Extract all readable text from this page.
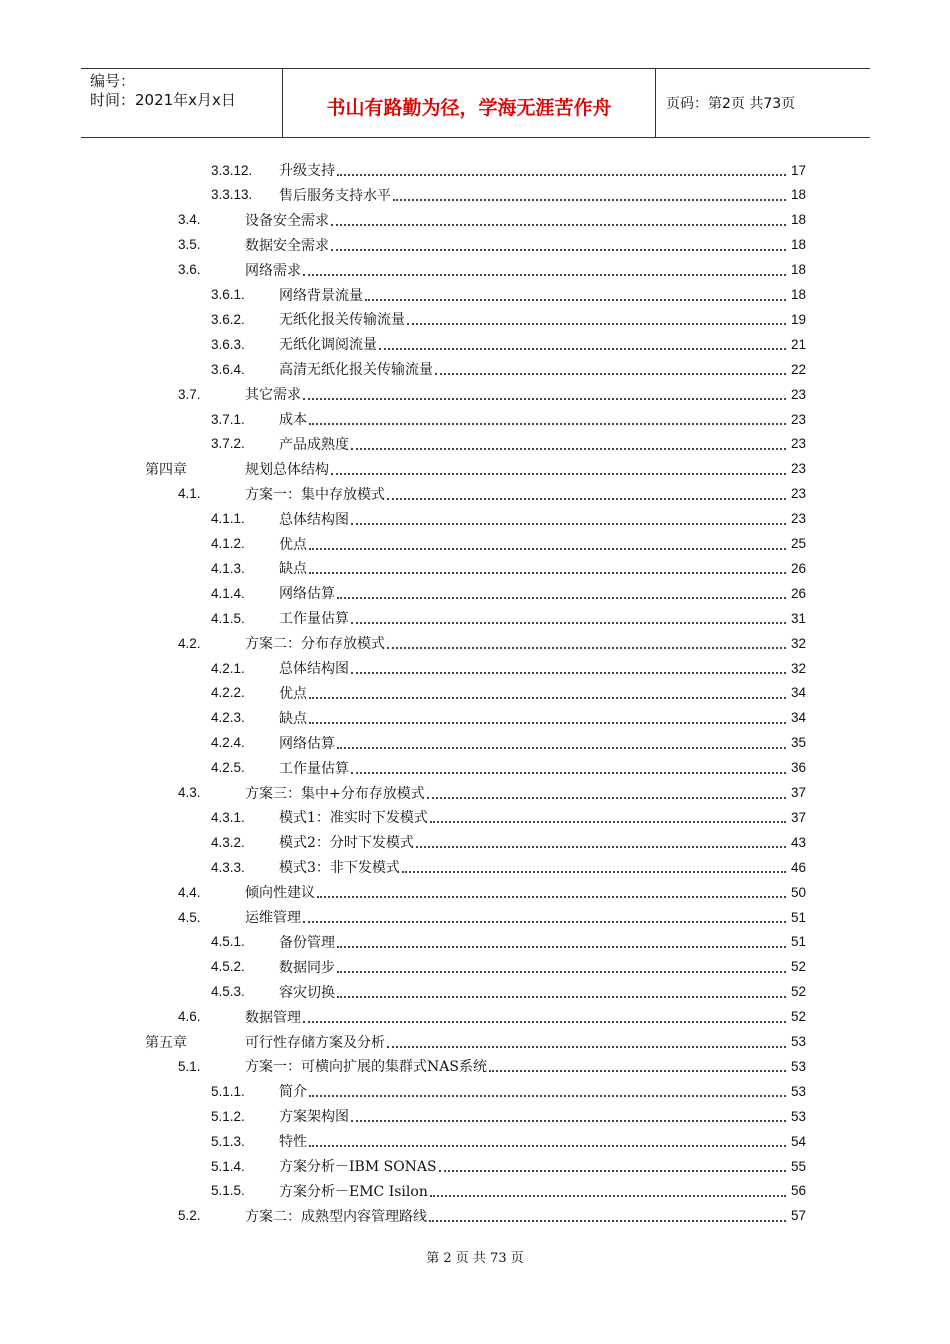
编号：
时间：2021年x月x日	书山有路勤为径，学海无涯苦作舟	页码：第2页 共73页
3.3.12. 升级支持	17
3.3.13. 售后服务支持水平	18
3.4.	设备安全需求	18
3.5.	数据安全需求	18
3.6.	网络需求	18
3.6.1. 网络背景流量	18
3.6.2. 无纸化报关传输流量	19
3.6.3. 无纸化调阅流量	21
3.6.4. 高清无纸化报关传输流量	22
3.7.	其它需求	23
3.7.1. 成本	23
3.7.2. 产品成熟度	23
第四章	规划总体结构	23
4.1.	方案一：集中存放模式	23
4.1.1. 总体结构图	23
4.1.2. 优点	25
4.1.3. 缺点	26
4.1.4. 网络估算	26
4.1.5. 工作量估算	31
4.2.	方案二：分布存放模式	32
4.2.1. 总体结构图	32
4.2.2. 优点	34
4.2.3. 缺点	34
4.2.4. 网络估算	35
4.2.5. 工作量估算	36
4.3.	方案三：集中+分布存放模式	37
4.3.1. 模式1：准实时下发模式	37
4.3.2. 模式2：分时下发模式	43
4.3.3. 模式3：非下发模式	46
4.4.	倾向性建议	50
4.5.	运维管理	51
4.5.1. 备份管理	51
4.5.2. 数据同步	52
4.5.3. 容灾切换	52
4.6.	数据管理	52
第五章	可行性存储方案及分析	53
5.1.	方案一：可横向扩展的集群式NAS系统	53
5.1.1. 简介	53
5.1.2. 方案架构图	53
5.1.3. 特性	54
5.1.4. 方案分析－IBM SONAS	55
5.1.5. 方案分析－EMC Isilon	56
5.2.	方案二：成熟型内容管理路线	57
第 2 页 共 73 页
